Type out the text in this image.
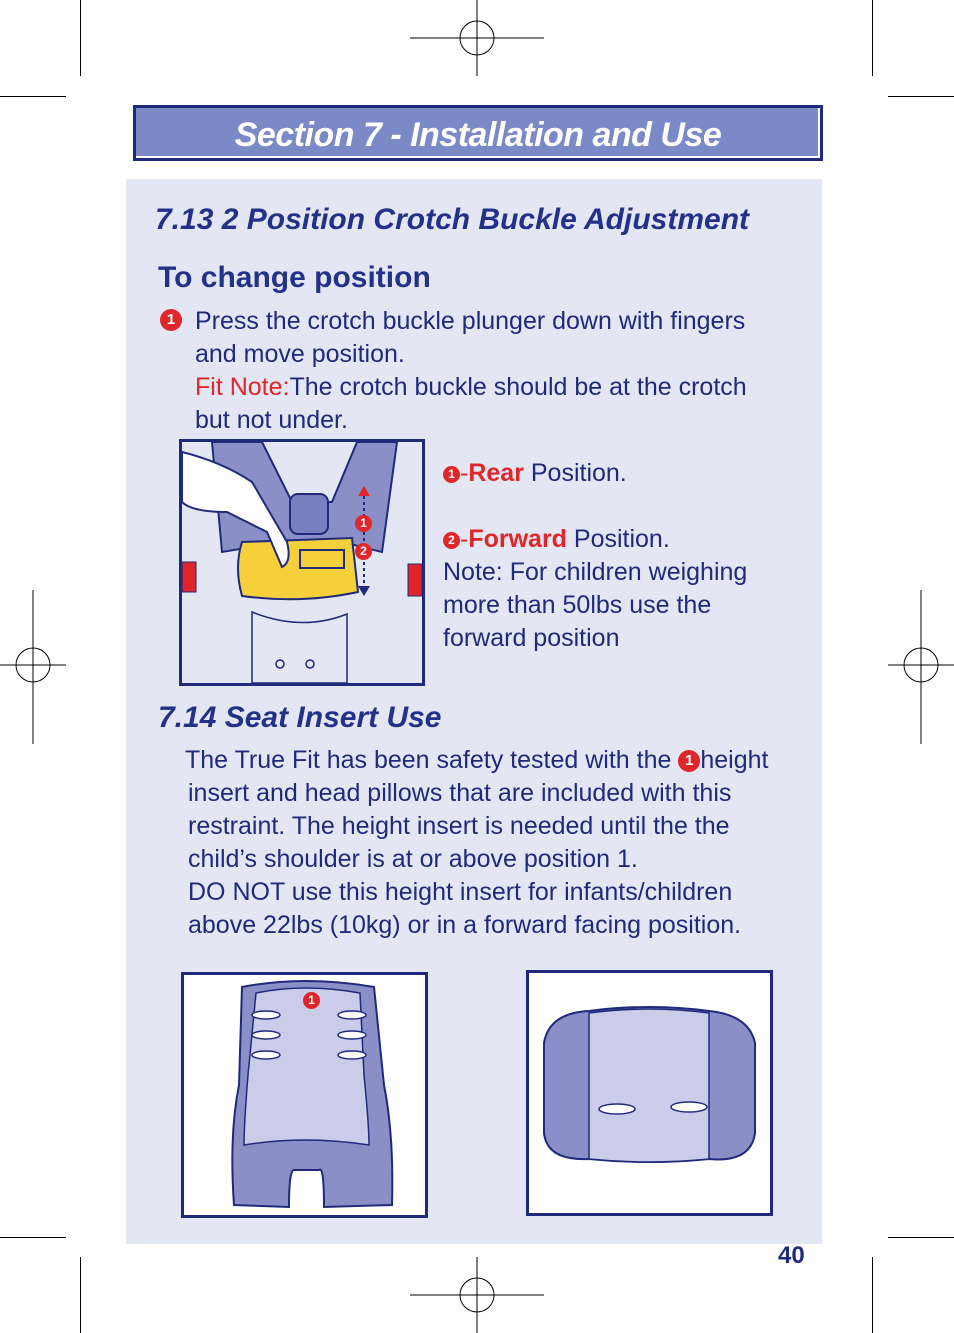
Section 7 - Installation and Use
7.13 2 Position Crotch Buckle Adjustment
To change position
1 Press the crotch buckle plunger down with fingers
and move position.
Fit Note:The crotch buckle should be at the crotch
but not under.
1
2
1 -Rear Position.
2 -Forward Position.
Note: For children weighing
more than 50lbs use the
forward position
7.14 Seat Insert Use
The True Fit has been safety tested with the 1 height
insert and head pillows that are included with this
restraint. The height insert is needed until the the
child’s shoulder is at or above position 1.
DO NOT use this height insert for infants/children
above 22lbs (10kg) or in a forward facing position.
1
40
